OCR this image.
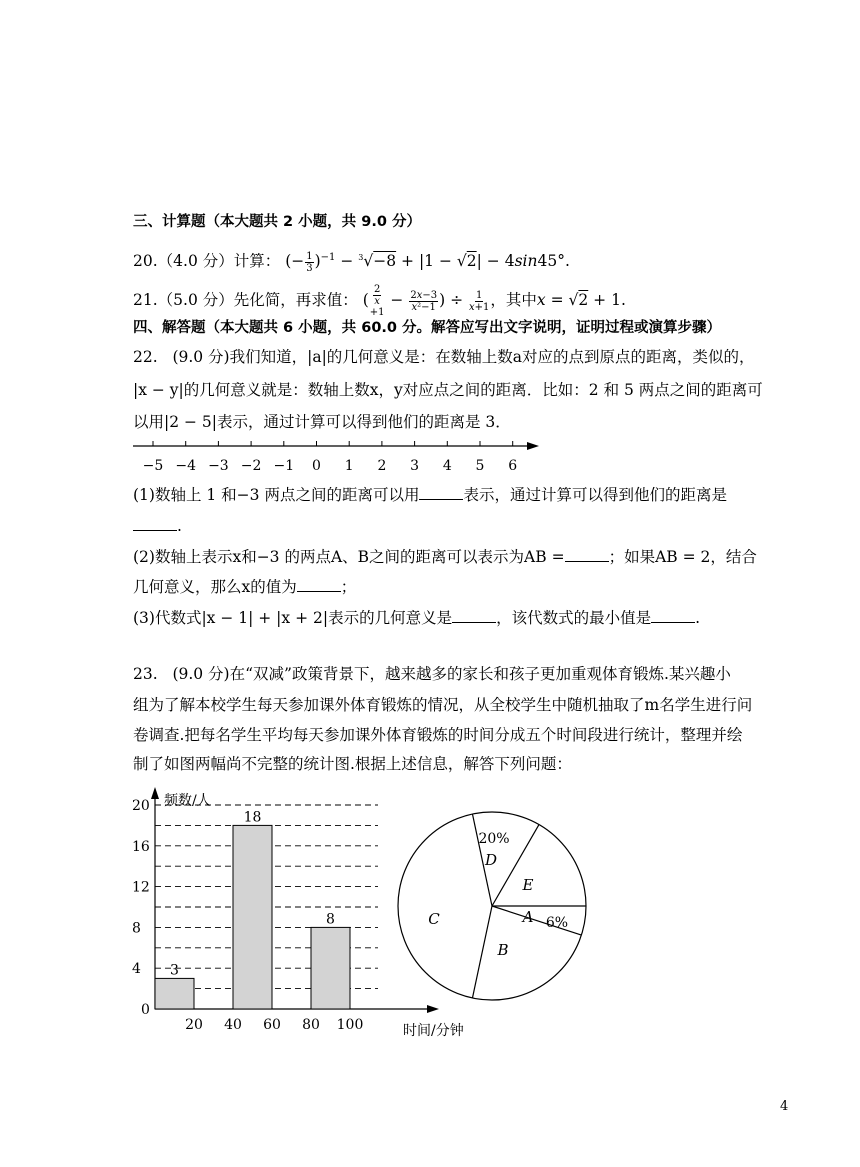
三、计算题（本大题共 2 小题，共 9.0 分）
20.（4.0 分）计算： (− $\frac{1}{3} )^{-1} - ^3√-8 + |1 - √2| - 4\sin 45^\circ$.
21.（5.0 分）先化简，再求值： (
2
x
+1
− $\frac{2x-3}{\text{x²−1}}$ ) ÷ $\frac{1}{x+1}$ ，其中x = √2 + 1.
四、解答题（本大题共 6 小题，共 60.0 分。解答应写出文字说明，证明过程或演算步骤）
22. (9.0 分)我们知道，|a|的几何意义是：在数轴上数a对应的点到原点的距离，类似的，
|x − y|的几何意义就是：数轴上数x，y对应点之间的距离．比如：2 和 5 两点之间的距离可
以用|2 − 5|表示，通过计算可以得到他们的距离是 3．
−5 −4 −3 −2 −1 0 1 2 3 4 5 6
(1)数轴上 1 和−3 两点之间的距离可以用	表示，通过计算可以得到他们的距离是
.
(2)数轴上表示x和−3 的两点A、B之间的距离可以表示为AB =	；如果AB = 2，结合
几何意义，那么x的值为	；
(3)代数式|x − 1| + |x + 2|表示的几何意义是	，该代数式的最小值是	.
23. (9.0 分)在“双减”政策背景下，越来越多的家长和孩子更加重观体育锻炼.某兴趣小
组为了解本校学生每天参加课外体育锻炼的情况，从全校学生中随机抽取了m名学生进行问
卷调查.把每名学生平均每天参加课外体育锻炼的时间分成五个时间段进行统计，整理并绘
制了如图两幅尚不完整的统计图.根据上述信息，解答下列问题：
频数/人
0
4
8
12
16
20
20 40 60 80 100	时间/分钟
3
18
8	A 6%
E
D
20%
C
B
4
